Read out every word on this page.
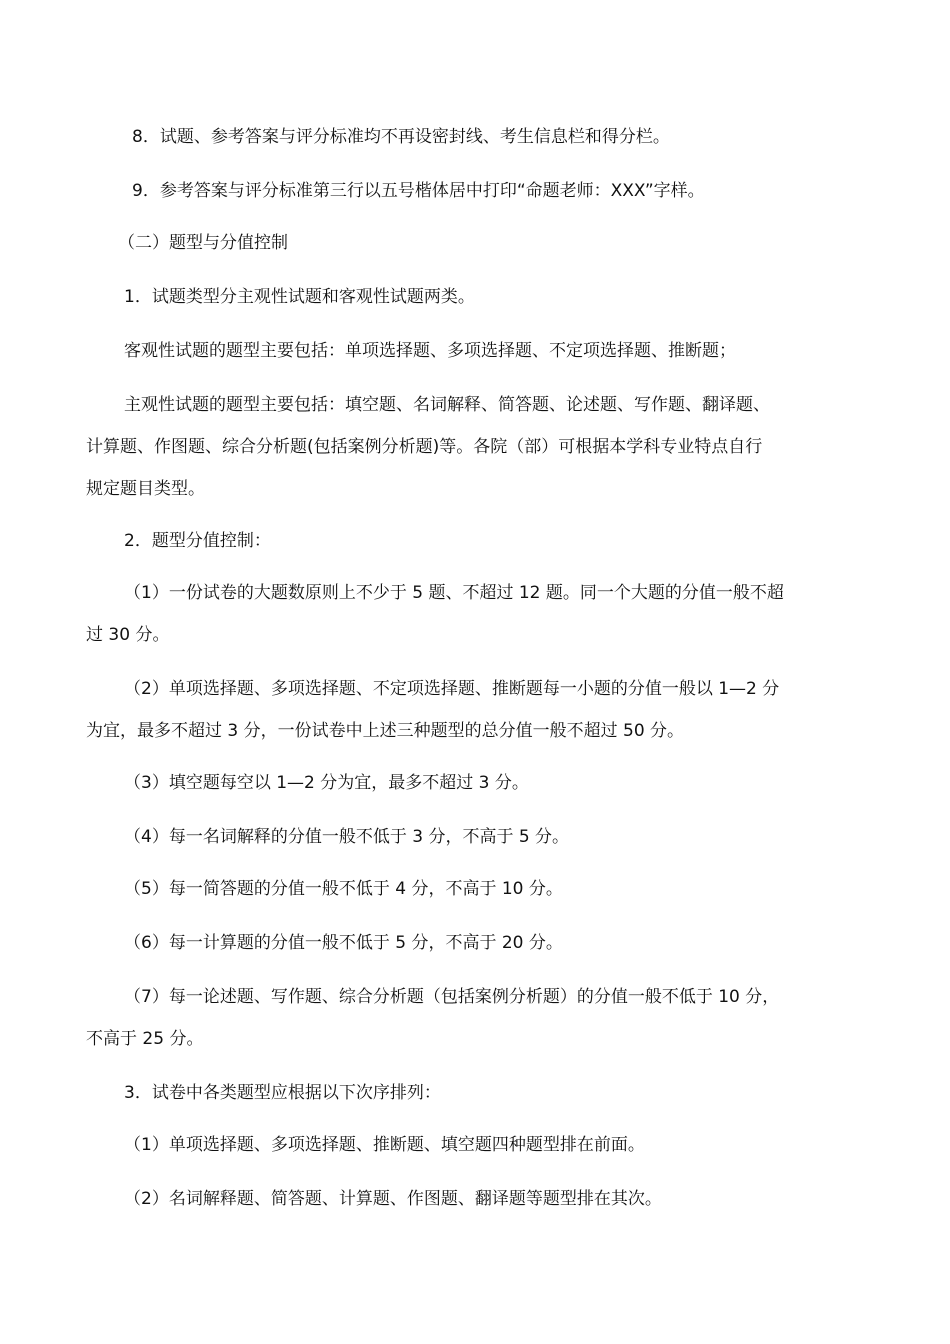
8．试题、参考答案与评分标准均不再设密封线、考生信息栏和得分栏。
9．参考答案与评分标准第三行以五号楷体居中打印“命题老师：XXX”字样。
（二）题型与分值控制
1．试题类型分主观性试题和客观性试题两类。
客观性试题的题型主要包括：单项选择题、多项选择题、不定项选择题、推断题；
主观性试题的题型主要包括：填空题、名词解释、简答题、论述题、写作题、翻译题、
计算题、作图题、综合分析题(包括案例分析题)等。各院（部）可根据本学科专业特点自行
规定题目类型。
2．题型分值控制：
（1）一份试卷的大题数原则上不少于 5 题、不超过 12 题。同一个大题的分值一般不超
过 30 分。
（2）单项选择题、多项选择题、不定项选择题、推断题每一小题的分值一般以 1—2 分
为宜，最多不超过 3 分，一份试卷中上述三种题型的总分值一般不超过 50 分。
（3）填空题每空以 1—2 分为宜，最多不超过 3 分。
（4）每一名词解释的分值一般不低于 3 分，不高于 5 分。
（5）每一简答题的分值一般不低于 4 分，不高于 10 分。
（6）每一计算题的分值一般不低于 5 分，不高于 20 分。
（7）每一论述题、写作题、综合分析题（包括案例分析题）的分值一般不低于 10 分，
不高于 25 分。
3．试卷中各类题型应根据以下次序排列：
（1）单项选择题、多项选择题、推断题、填空题四种题型排在前面。
（2）名词解释题、简答题、计算题、作图题、翻译题等题型排在其次。
